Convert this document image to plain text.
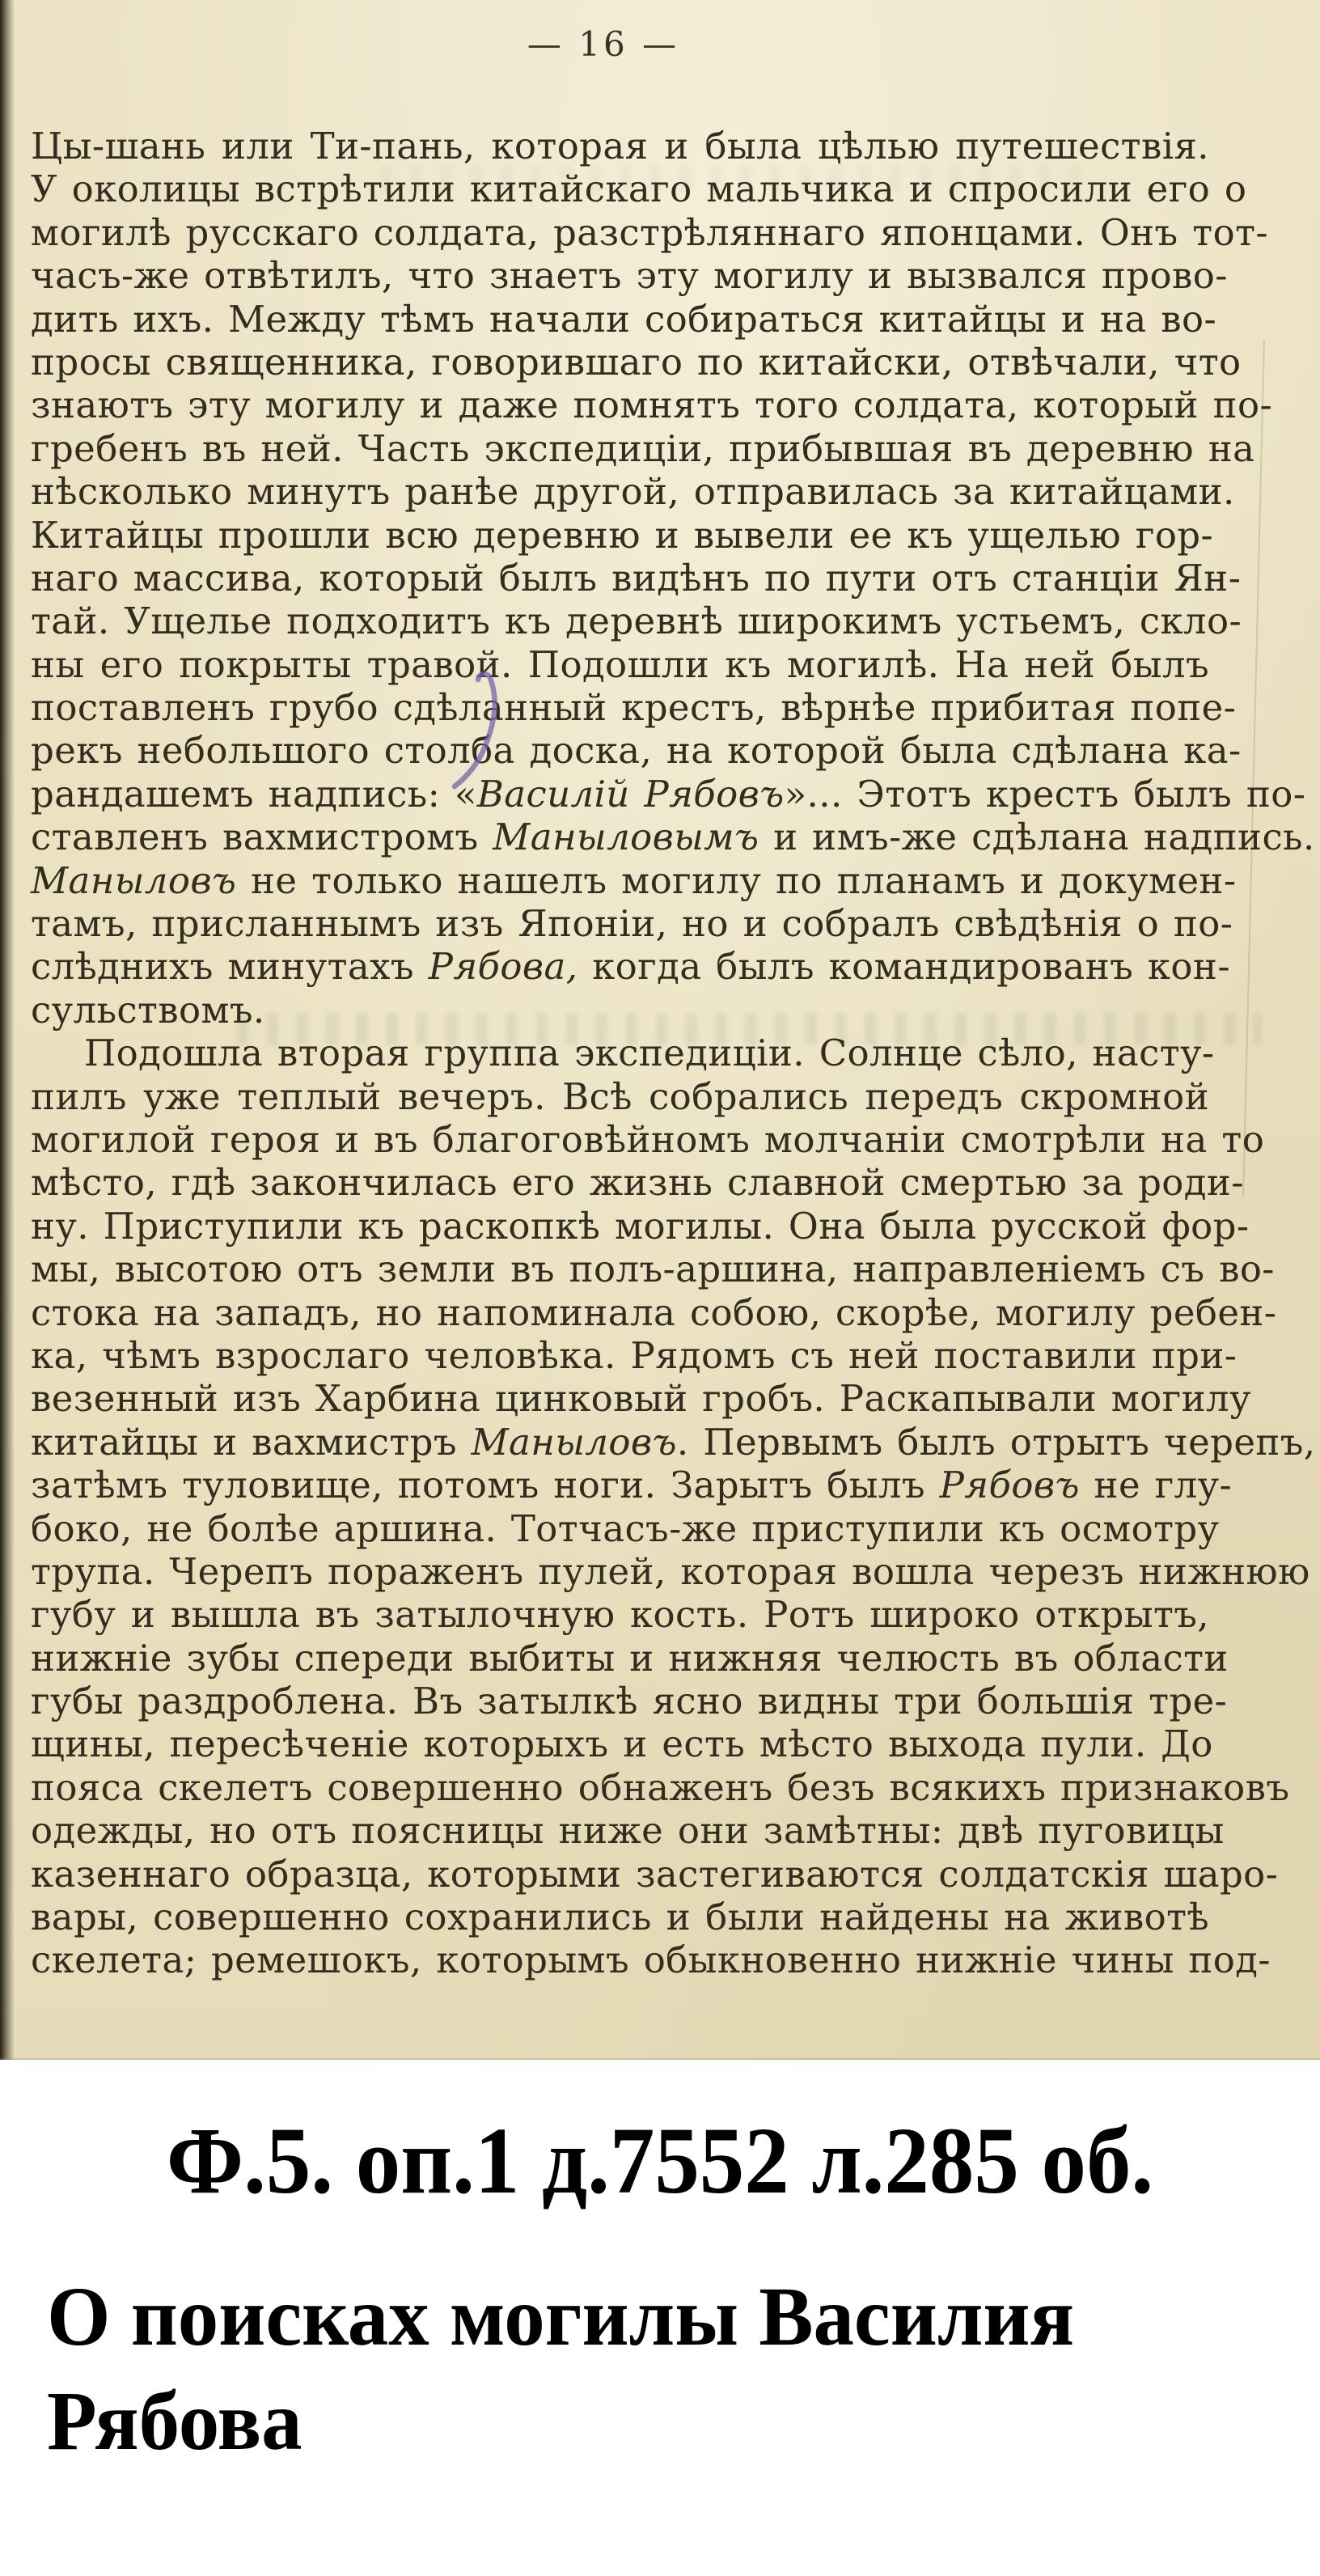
— 16 —
Цы-шань или Ти-пань, которая и была цѣлью путешествія.
У околицы встрѣтили китайскаго мальчика и спросили его о
могилѣ русскаго солдата, разстрѣляннаго японцами. Онъ тот-
часъ-же отвѣтилъ, что знаетъ эту могилу и вызвался прово-
дить ихъ. Между тѣмъ начали собираться китайцы и на во-
просы священника, говорившаго по китайски, отвѣчали, что
знаютъ эту могилу и даже помнятъ того солдата, который по-
гребенъ въ ней. Часть экспедиціи, прибывшая въ деревню на
нѣсколько минутъ ранѣе другой, отправилась за китайцами.
Китайцы прошли всю деревню и вывели ее къ ущелью гор-
наго массива, который былъ видѣнъ по пути отъ станціи Ян-
тай. Ущелье подходитъ къ деревнѣ широкимъ устьемъ, скло-
ны его покрыты травой. Подошли къ могилѣ. На ней былъ
поставленъ грубо сдѣланный крестъ, вѣрнѣе прибитая попе-
рекъ небольшого столба доска, на которой была сдѣлана ка-
рандашемъ надпись: «Василій Рябовъ»... Этотъ крестъ былъ по-
ставленъ вахмистромъ Маныловымъ и имъ-же сдѣлана надпись.
Маныловъ не только нашелъ могилу по планамъ и докумен-
тамъ, присланнымъ изъ Японіи, но и собралъ свѣдѣнія о по-
слѣднихъ минутахъ Рябова, когда былъ командированъ кон-
сульствомъ.
Подошла вторая группа экспедиціи. Солнце сѣло, насту-
пилъ уже теплый вечеръ. Всѣ собрались передъ скромной
могилой героя и въ благоговѣйномъ молчаніи смотрѣли на то
мѣсто, гдѣ закончилась его жизнь славной смертью за роди-
ну. Приступили къ раскопкѣ могилы. Она была русской фор-
мы, высотою отъ земли въ полъ-аршина, направленіемъ съ во-
стока на западъ, но напоминала собою, скорѣе, могилу ребен-
ка, чѣмъ взрослаго человѣка. Рядомъ съ ней поставили при-
везенный изъ Харбина цинковый гробъ. Раскапывали могилу
китайцы и вахмистръ Маныловъ. Первымъ былъ отрытъ черепъ,
затѣмъ туловище, потомъ ноги. Зарытъ былъ Рябовъ не глу-
боко, не болѣе аршина. Тотчасъ-же приступили къ осмотру
трупа. Черепъ пораженъ пулей, которая вошла черезъ нижнюю
губу и вышла въ затылочную кость. Ротъ широко открытъ,
нижніе зубы спереди выбиты и нижняя челюсть въ области
губы раздроблена. Въ затылкѣ ясно видны три большія тре-
щины, пересѣченіе которыхъ и есть мѣсто выхода пули. До
пояса скелетъ совершенно обнаженъ безъ всякихъ признаковъ
одежды, но отъ поясницы ниже они замѣтны: двѣ пуговицы
казеннаго образца, которыми застегиваются солдатскія шаро-
вары, совершенно сохранились и были найдены на животѣ
скелета; ремешокъ, которымъ обыкновенно нижніе чины под-
Ф.5. оп.1 д.7552 л.285 об.
О поисках могилы Василия
Рябова
